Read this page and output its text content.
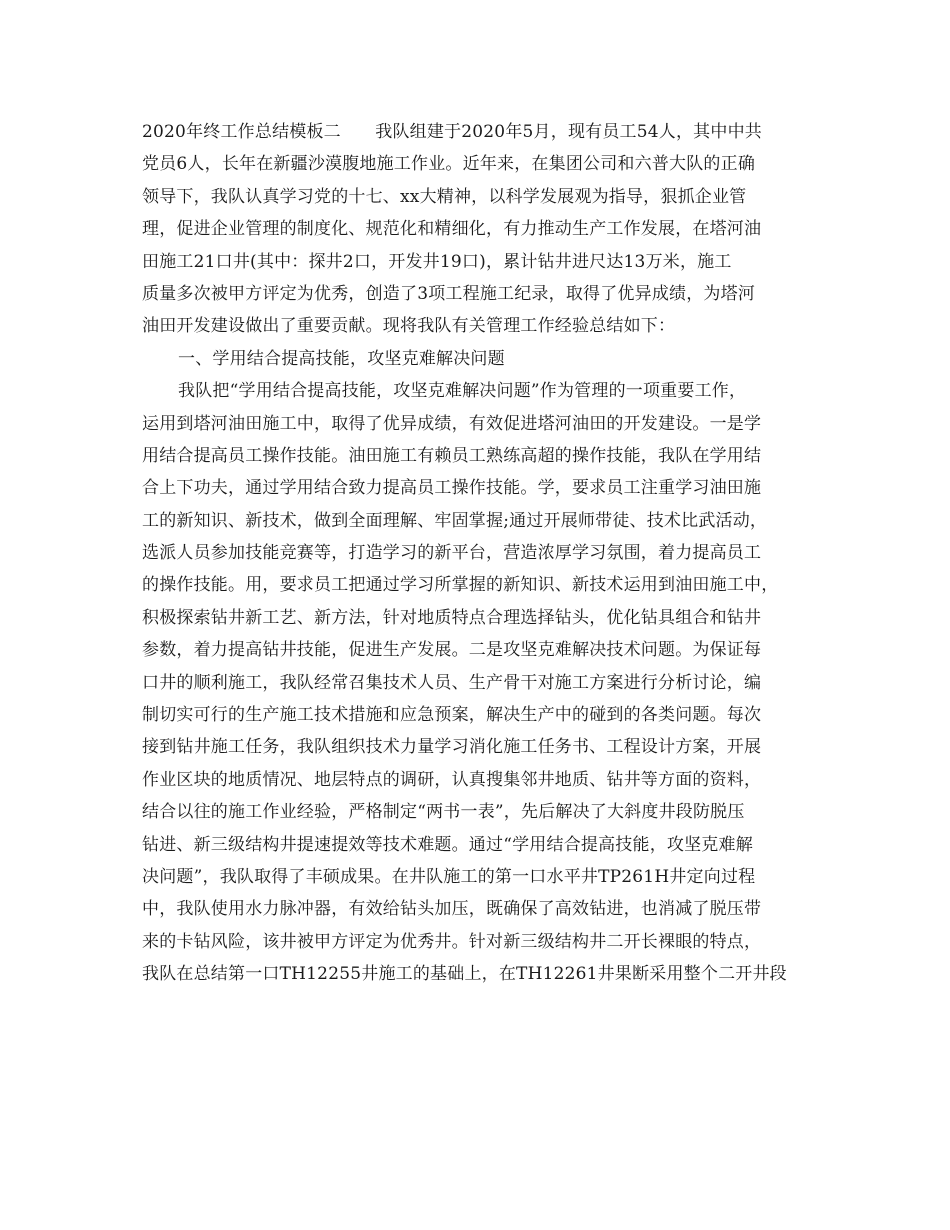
2020年终工作总结模板二　　我队组建于2020年5月，现有员工54人，其中中共
党员6人，长年在新疆沙漠腹地施工作业。近年来，在集团公司和六普大队的正确
领导下，我队认真学习党的十七、xx大精神，以科学发展观为指导，狠抓企业管
理，促进企业管理的制度化、规范化和精细化，有力推动生产工作发展，在塔河油
田施工21口井(其中：探井2口，开发井19口)，累计钻井进尺达13万米，施工
质量多次被甲方评定为优秀，创造了3项工程施工纪录，取得了优异成绩，为塔河
油田开发建设做出了重要贡献。现将我队有关管理工作经验总结如下：
一、学用结合提高技能，攻坚克难解决问题
我队把“学用结合提高技能，攻坚克难解决问题”作为管理的一项重要工作，
运用到塔河油田施工中，取得了优异成绩，有效促进塔河油田的开发建设。一是学
用结合提高员工操作技能。油田施工有赖员工熟练高超的操作技能，我队在学用结
合上下功夫，通过学用结合致力提高员工操作技能。学，要求员工注重学习油田施
工的新知识、新技术，做到全面理解、牢固掌握;通过开展师带徒、技术比武活动，
选派人员参加技能竞赛等，打造学习的新平台，营造浓厚学习氛围，着力提高员工
的操作技能。用，要求员工把通过学习所掌握的新知识、新技术运用到油田施工中，
积极探索钻井新工艺、新方法，针对地质特点合理选择钻头，优化钻具组合和钻井
参数，着力提高钻井技能，促进生产发展。二是攻坚克难解决技术问题。为保证每
口井的顺利施工，我队经常召集技术人员、生产骨干对施工方案进行分析讨论，编
制切实可行的生产施工技术措施和应急预案，解决生产中的碰到的各类问题。每次
接到钻井施工任务，我队组织技术力量学习消化施工任务书、工程设计方案，开展
作业区块的地质情况、地层特点的调研，认真搜集邻井地质、钻井等方面的资料，
结合以往的施工作业经验，严格制定“两书一表”，先后解决了大斜度井段防脱压
钻进、新三级结构井提速提效等技术难题。通过“学用结合提高技能，攻坚克难解
决问题”，我队取得了丰硕成果。在井队施工的第一口水平井TP261H井定向过程
中，我队使用水力脉冲器，有效给钻头加压，既确保了高效钻进，也消减了脱压带
来的卡钻风险，该井被甲方评定为优秀井。针对新三级结构井二开长裸眼的特点，
我队在总结第一口TH12255井施工的基础上，在TH12261井果断采用整个二开井段
